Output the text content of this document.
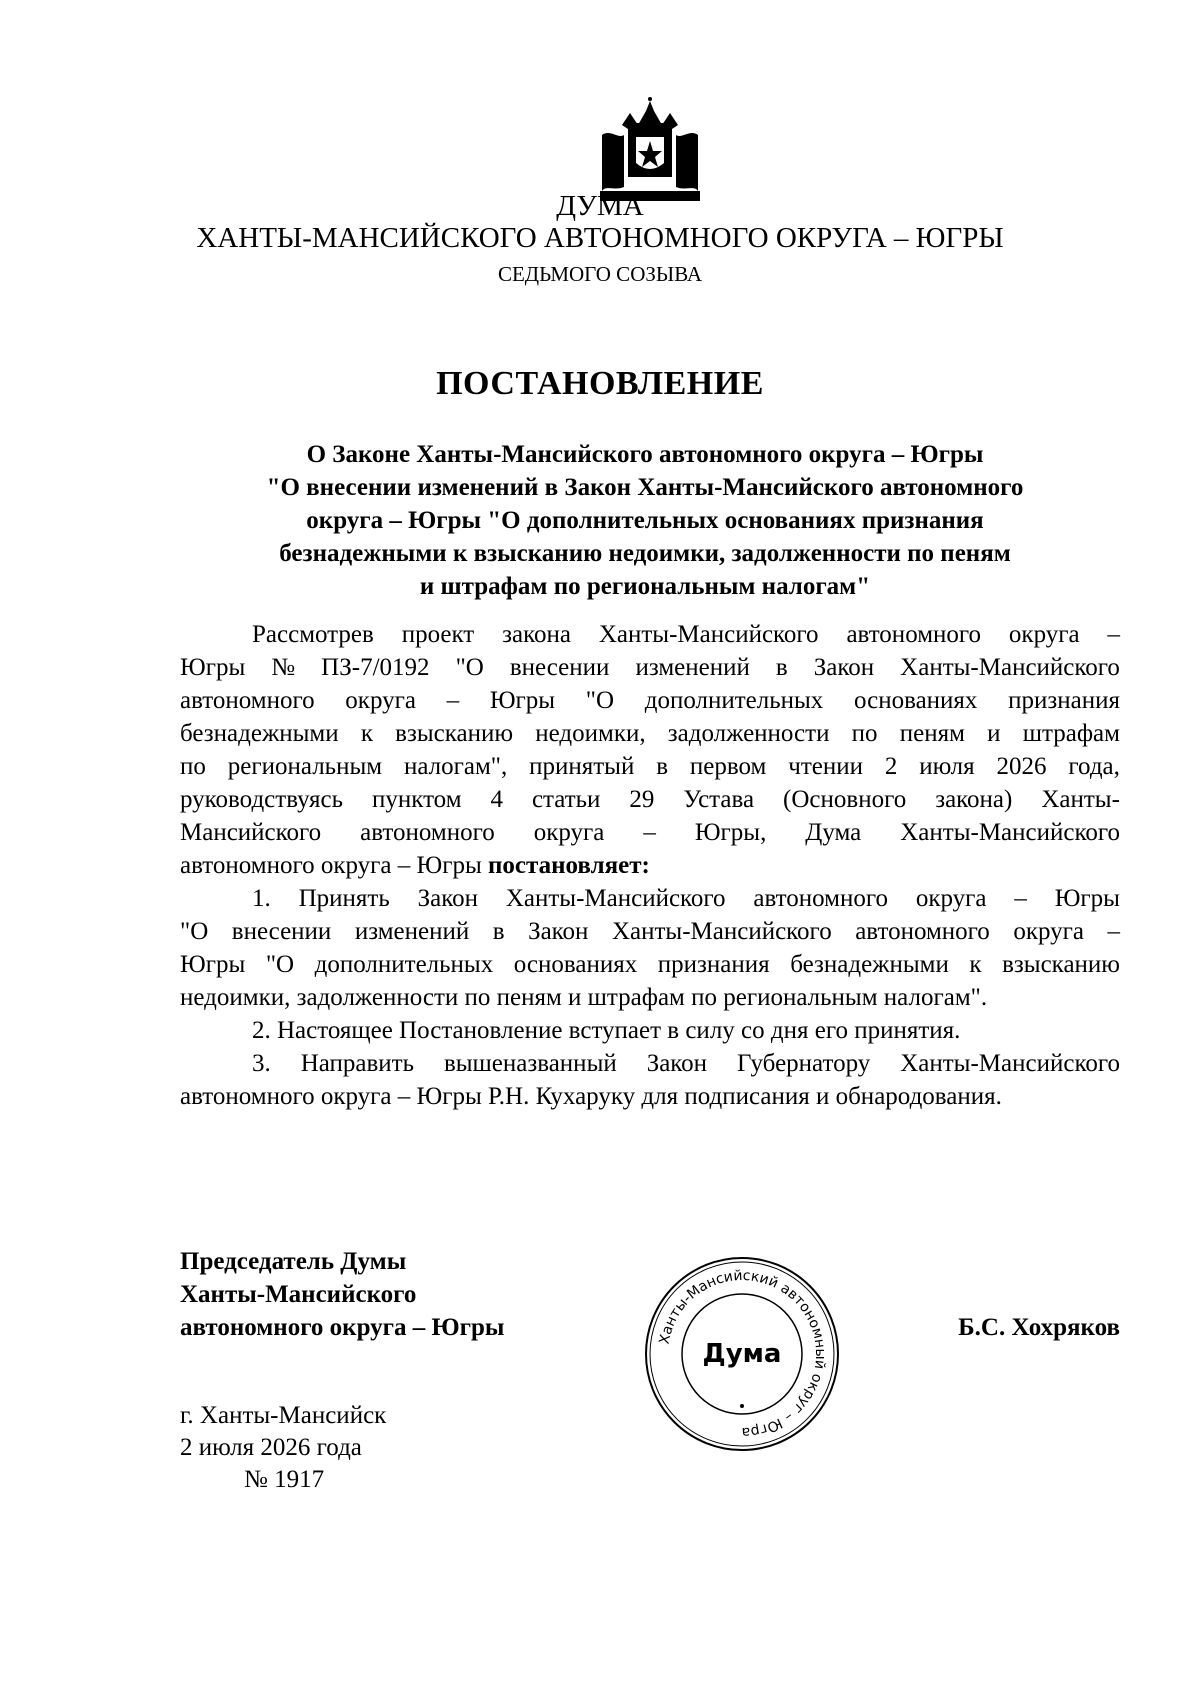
ДУМА
ХАНТЫ-МАНСИЙСКОГО АВТОНОМНОГО ОКРУГА – ЮГРЫ
СЕДЬМОГО СОЗЫВА
ПОСТАНОВЛЕНИЕ
О Законе Ханты-Мансийского автономного округа – Югры
"О внесении изменений в Закон Ханты-Мансийского автономного
округа – Югры "О дополнительных основаниях признания
безнадежными к взысканию недоимки, задолженности по пеням
и штрафам по региональным налогам"
Рассмотрев проект закона Ханты-Мансийского автономного округа –
Югры № ПЗ-7/0192 "О внесении изменений в Закон Ханты-Мансийского
автономного округа – Югры "О дополнительных основаниях признания
безнадежными к взысканию недоимки, задолженности по пеням и штрафам
по региональным налогам", принятый в первом чтении 2 июля 2026 года,
руководствуясь пунктом 4 статьи 29 Устава (Основного закона) Ханты-
Мансийского автономного округа – Югры, Дума Ханты-Мансийского
автономного округа – Югры постановляет:
1. Принять Закон Ханты-Мансийского автономного округа – Югры
"О внесении изменений в Закон Ханты-Мансийского автономного округа –
Югры "О дополнительных основаниях признания безнадежными к взысканию
недоимки, задолженности по пеням и штрафам по региональным налогам".
2. Настоящее Постановление вступает в силу со дня его принятия.
3. Направить вышеназванный Закон Губернатору Ханты-Мансийского
автономного округа – Югры Р.Н. Кухаруку для подписания и обнародования.
Председатель Думы
Ханты-Мансийского
автономного округа – Югры	Б.С. Хохряков
Ханты-Мансийский автономный округ – Югра
Дума
г. Ханты-Мансийск
2 июля 2026 года
№ 1917
